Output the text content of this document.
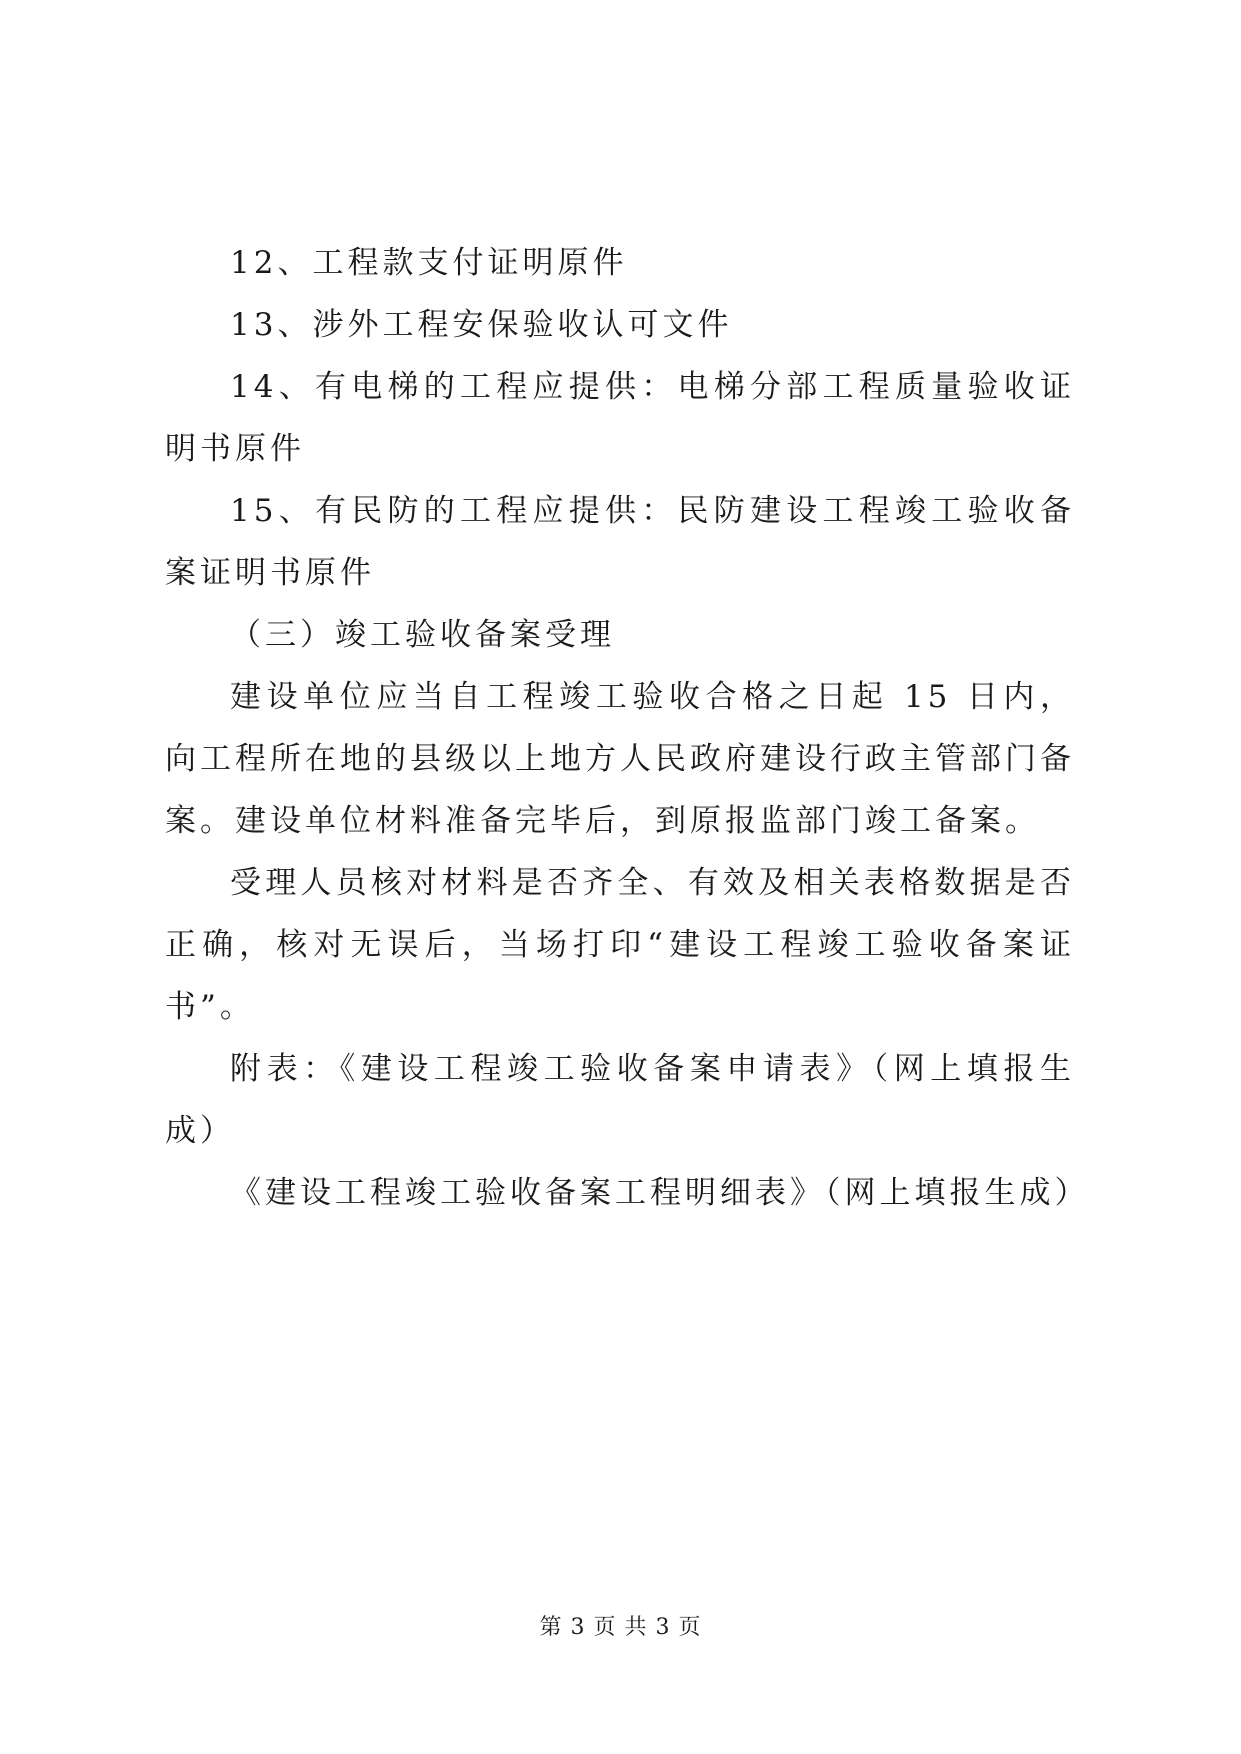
12、工程款支付证明原件

13、涉外工程安保验收认可文件

14、有电梯的工程应提供：电梯分部工程质量验收证明书原件

15、有民防的工程应提供：民防建设工程竣工验收备案证明书原件

（三）竣工验收备案受理

建设单位应当自工程竣工验收合格之日起 15 日内，向工程所在地的县级以上地方人民政府建设行政主管部门备案。建设单位材料准备完毕后，到原报监部门竣工备案。

受理人员核对材料是否齐全、有效及相关表格数据是否正确，核对无误后，当场打印“建设工程竣工验收备案证书”。

附表：《建设工程竣工验收备案申请表》（网上填报生成）

《建设工程竣工验收备案工程明细表》（网上填报生成）

第 3 页 共 3 页
